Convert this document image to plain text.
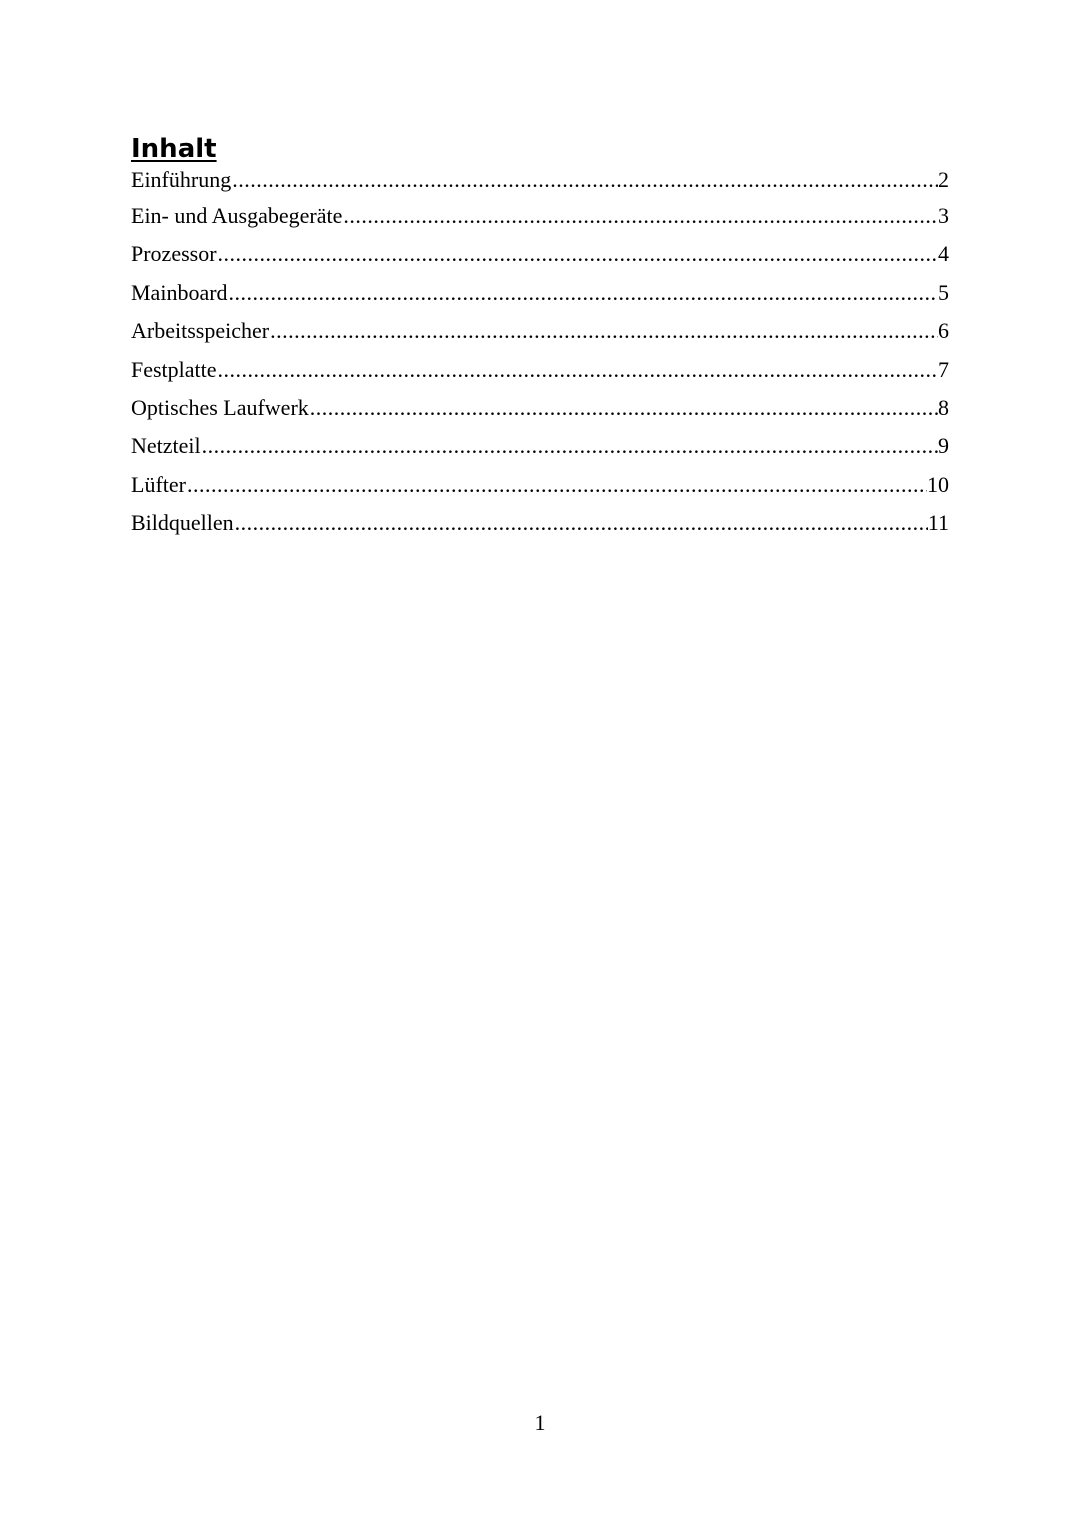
Inhalt
Einführung .....	2
Ein- und Ausgabegeräte .....	3
Prozessor .....	4
Mainboard .....	5
Arbeitsspeicher .....	6
Festplatte .....	7
Optisches Laufwerk .....	8
Netzteil .....	9
Lüfter .....	10
Bildquellen .....	11
1
